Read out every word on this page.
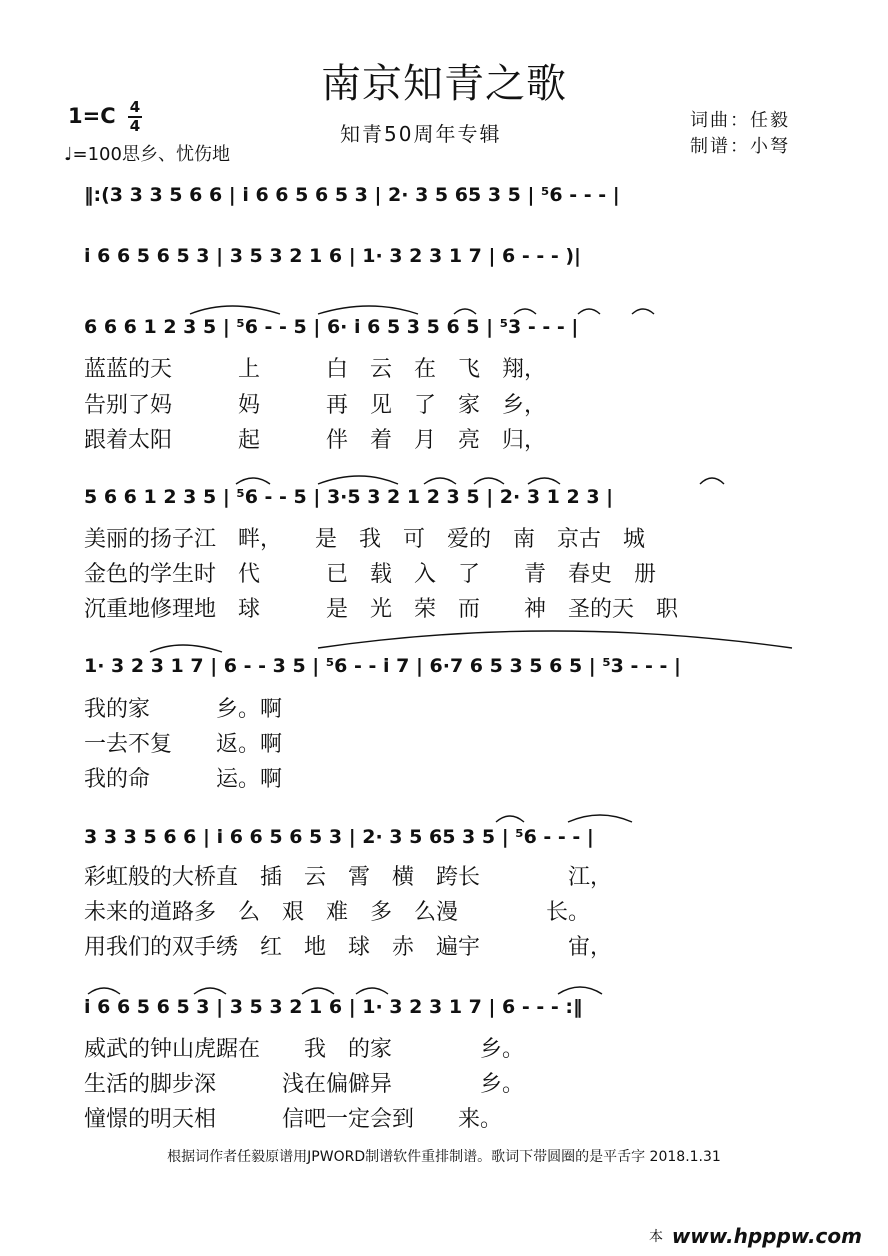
南京知青之歌
知青50周年专辑
1=C 4
4
♩=100思乡、忧伤地
词曲：任毅
制谱：小弩
‖:(3 3 3 5 6 6 | i 6 6 5 6 5 3 | 2· 3 5 65 3 5 | ⁵6 - - - |
i 6 6 5 6 5 3 | 3 5 3 2 1 6 | 1· 3 2 3 1 7 | 6 - - - )|
6 6 6 1 2 3 5 | ⁵6 - - 5 | 6· i 6 5 3 5 6 5 | ⁵3 - - - |
5 6 6 1 2 3 5 | ⁵6 - - 5 | 3·5 3 2 1 2 3 5 | 2· 3 1 2 3 |
1· 3 2 3 1 7 | 6 - - 3 5 | ⁵6 - - i 7 | 6·7 6 5 3 5 6 5 | ⁵3 - - - |
3 3 3 5 6 6 | i 6 6 5 6 5 3 | 2· 3 5 65 3 5 | ⁵6 - - - |
i 6 6 5 6 5 3 | 3 5 3 2 1 6 | 1· 3 2 3 1 7 | 6 - - - :‖
蓝蓝的天　　　上　　　白　云　在　飞　翔，
告别了妈　　　妈　　　再　见　了　家　乡，
跟着太阳　　　起　　　伴　着　月　亮　归，
美丽的扬子江　畔，　　是　我　可　爱的　南　京古　城
金色的学生时　代　　　已　载　入　了　　青　春史　册
沉重地修理地　球　　　是　光　荣　而　　神　圣的天　职
我的家　　　乡。啊
一去不复　　返。啊
我的命　　　运。啊
彩虹般的大桥直　插　云　霄　横　跨长　　　　江，
未来的道路多　么　艰　难　多　么漫　　　　长。
用我们的双手绣　红　地　球　赤　遍宇　　　　宙，
威武的钟山虎踞在　　我　的家　　　　乡。
生活的脚步深　　　浅在偏僻异　　　　乡。
憧憬的明天相　　　信吧一定会到　　来。
根据词作者任毅原谱用JPWORD制谱软件重排制谱。歌词下带圆圈的是平舌字 2018.1.31
本 www.hpppw.com
